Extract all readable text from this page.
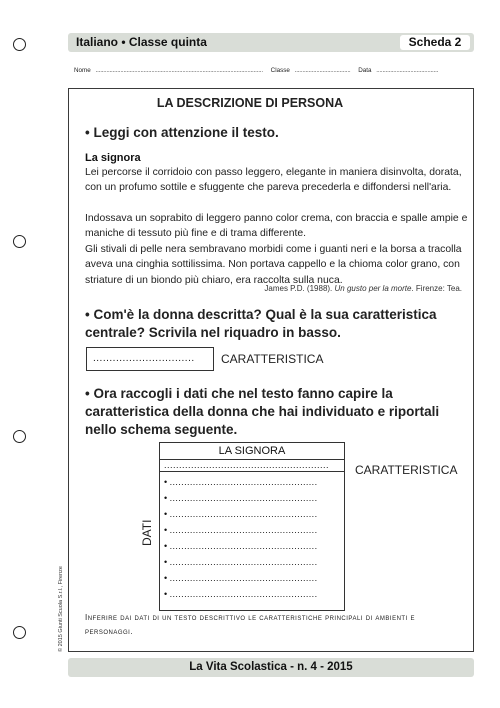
Italiano • Classe quinta	Scheda 2
Nome ............................................................................................................ Classe .................................... Data ........................................
LA DESCRIZIONE DI PERSONA
• Leggi con attenzione il testo.
La signora
Lei percorse il corridoio con passo leggero, elegante in maniera disinvolta, dorata, con un profumo sottile e sfuggente che pareva precederla e diffondersi nell'aria.
Indossava un soprabito di leggero panno color crema, con braccia e spalle ampie e maniche di tessuto più fine e di trama differente.
Gli stivali di pelle nera sembravano morbidi come i guanti neri e la borsa a tracolla aveva una cinghia sottilissima. Non portava cappello e la chioma color grano, con striature di un biondo più chiaro, era raccolta sulla nuca.
James P.D. (1988). Un gusto per la morte. Firenze: Tea.
• Com'è la donna descritta? Qual è la sua caratteristica centrale? Scrivila nel riquadro in basso.
............................... CARATTERISTICA
• Ora raccogli i dati che nel testo fanno capire la caratteristica della donna che hai individuato e riportali nello schema seguente.
LA SIGNORA
.......................................................
• ...................................................
• ...................................................
• ...................................................
• ...................................................
• ...................................................
• ...................................................
• ...................................................
• ...................................................
DATI
CARATTERISTICA
Inferire dai dati di un testo descrittivo le caratteristiche principali di ambienti e personaggi.
© 2015 Giunti Scuola S.r.l., Firenze
La Vita Scolastica - n. 4 - 2015
